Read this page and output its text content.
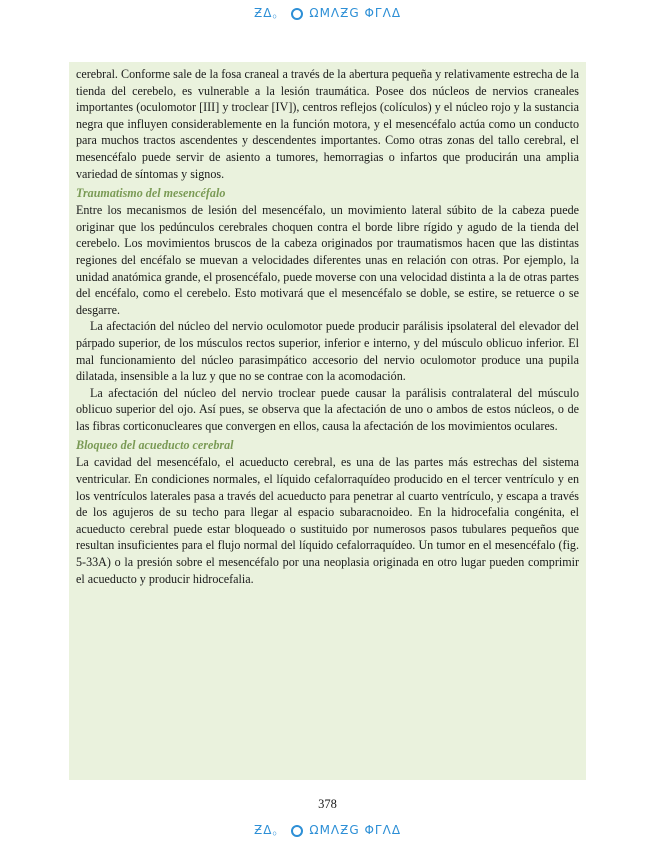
ƵΔ。 ΩMΛƵG ΦΓΛΔ

cerebral. Conforme sale de la fosa craneal a través de la abertura pequeña y relativamente estrecha de la tienda del cerebelo, es vulnerable a la lesión traumática. Posee dos núcleos de nervios craneales importantes (oculomotor [III] y troclear [IV]), centros reflejos (colículos) y el núcleo rojo y la sustancia negra que influyen considerablemente en la función motora, y el mesencéfalo actúa como un conducto para muchos tractos ascendentes y descendentes importantes. Como otras zonas del tallo cerebral, el mesencéfalo puede servir de asiento a tumores, hemorragias o infartos que producirán una amplia variedad de síntomas y signos.

Traumatismo del mesencéfalo

Entre los mecanismos de lesión del mesencéfalo, un movimiento lateral súbito de la cabeza puede originar que los pedúnculos cerebrales choquen contra el borde libre rígido y agudo de la tienda del cerebelo. Los movimientos bruscos de la cabeza originados por traumatismos hacen que las distintas regiones del encéfalo se muevan a velocidades diferentes unas en relación con otras. Por ejemplo, la unidad anatómica grande, el prosencéfalo, puede moverse con una velocidad distinta a la de otras partes del encéfalo, como el cerebelo. Esto motivará que el mesencéfalo se doble, se estire, se retuerce o se desgarre.

La afectación del núcleo del nervio oculomotor puede producir parálisis ipsolateral del elevador del párpado superior, de los músculos rectos superior, inferior e interno, y del músculo oblicuo inferior. El mal funcionamiento del núcleo parasimpático accesorio del nervio oculomotor produce una pupila dilatada, insensible a la luz y que no se contrae con la acomodación.

La afectación del núcleo del nervio troclear puede causar la parálisis contralateral del músculo oblicuo superior del ojo. Así pues, se observa que la afectación de uno o ambos de estos núcleos, o de las fibras corticonucleares que convergen en ellos, causa la afectación de los movimientos oculares.

Bloqueo del acueducto cerebral

La cavidad del mesencéfalo, el acueducto cerebral, es una de las partes más estrechas del sistema ventricular. En condiciones normales, el líquido cefalorraquídeo producido en el tercer ventrículo y en los ventrículos laterales pasa a través del acueducto para penetrar al cuarto ventrículo, y escapa a través de los agujeros de su techo para llegar al espacio subaracnoideo. En la hidrocefalia congénita, el acueducto cerebral puede estar bloqueado o sustituido por numerosos pasos tubulares pequeños que resultan insuficientes para el flujo normal del líquido cefalorraquídeo. Un tumor en el mesencéfalo (fig. 5-33A) o la presión sobre el mesencéfalo por una neoplasia originada en otro lugar pueden comprimir el acueducto y producir hidrocefalia.

378
ƵΔ。 ΩMΛƵG ΦΓΛΔ
